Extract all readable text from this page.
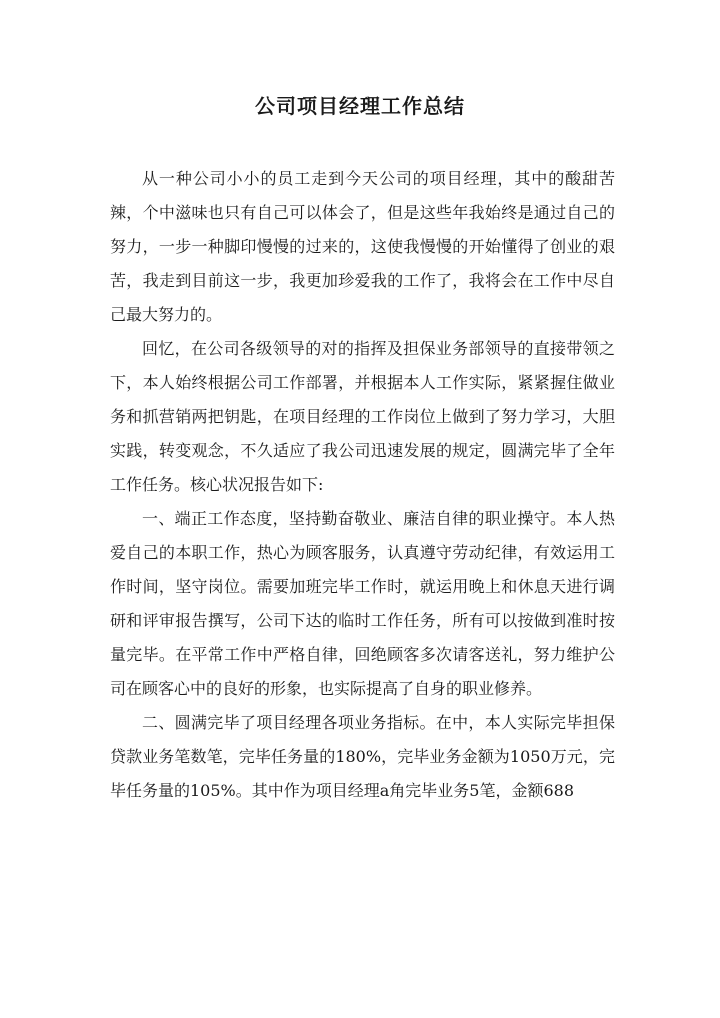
公司项目经理工作总结

从一种公司小小的员工走到今天公司的项目经理，其中的酸甜苦辣，个中滋味也只有自己可以体会了，但是这些年我始终是通过自己的努力，一步一种脚印慢慢的过来的，这使我慢慢的开始懂得了创业的艰苦，我走到目前这一步，我更加珍爱我的工作了，我将会在工作中尽自己最大努力的。

回忆，在公司各级领导的对的指挥及担保业务部领导的直接带领之下，本人始终根据公司工作部署，并根据本人工作实际，紧紧握住做业务和抓营销两把钥匙，在项目经理的工作岗位上做到了努力学习，大胆实践，转变观念，不久适应了我公司迅速发展的规定，圆满完毕了全年工作任务。核心状况报告如下:

一、端正工作态度，坚持勤奋敬业、廉洁自律的职业操守。本人热爱自己的本职工作，热心为顾客服务，认真遵守劳动纪律，有效运用工作时间，坚守岗位。需要加班完毕工作时，就运用晚上和休息天进行调研和评审报告撰写，公司下达的临时工作任务，所有可以按做到准时按量完毕。在平常工作中严格自律，回绝顾客多次请客送礼，努力维护公司在顾客心中的良好的形象，也实际提高了自身的职业修养。

二、圆满完毕了项目经理各项业务指标。在中，本人实际完毕担保贷款业务笔数笔，完毕任务量的180%，完毕业务金额为1050万元，完毕任务量的105%。其中作为项目经理a角完毕业务5笔，金额688
